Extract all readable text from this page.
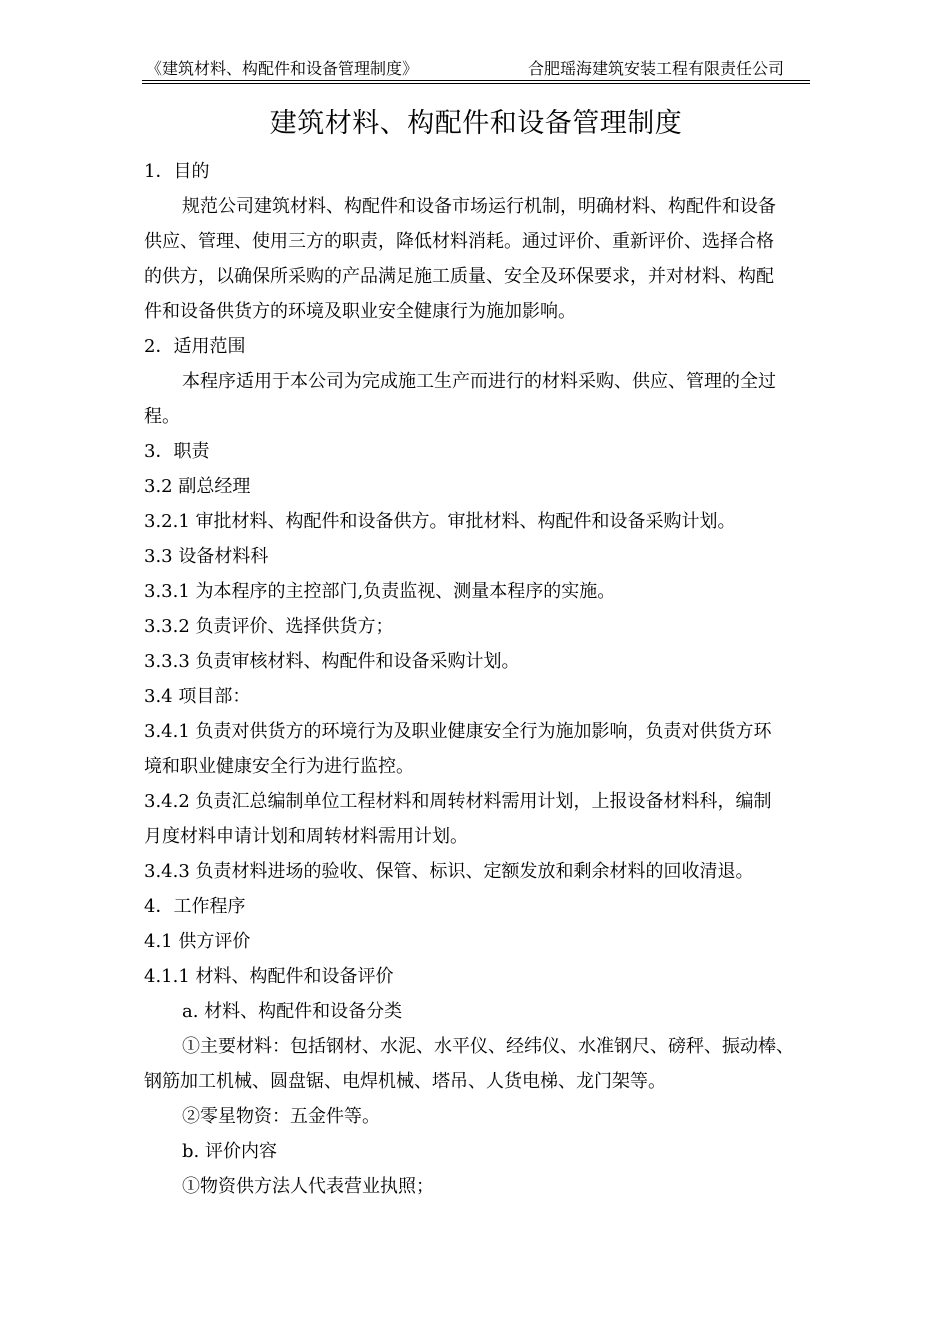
《建筑材料、构配件和设备管理制度》	合肥瑶海建筑安装工程有限责任公司
建筑材料、构配件和设备管理制度

1．目的

规范公司建筑材料、构配件和设备市场运行机制，明确材料、构配件和设备

供应、管理、使用三方的职责，降低材料消耗。通过评价、重新评价、选择合格

的供方，以确保所采购的产品满足施工质量、安全及环保要求，并对材料、构配

件和设备供货方的环境及职业安全健康行为施加影响。

2．适用范围

本程序适用于本公司为完成施工生产而进行的材料采购、供应、管理的全过

程。

3．职责

3.2 副总经理

3.2.1 审批材料、构配件和设备供方。审批材料、构配件和设备采购计划。

3.3 设备材料科

3.3.1 为本程序的主控部门,负责监视、测量本程序的实施。

3.3.2 负责评价、选择供货方；

3.3.3 负责审核材料、构配件和设备采购计划。

3.4 项目部：

3.4.1 负责对供货方的环境行为及职业健康安全行为施加影响，负责对供货方环

境和职业健康安全行为进行监控。

3.4.2 负责汇总编制单位工程材料和周转材料需用计划，上报设备材料科，编制

月度材料申请计划和周转材料需用计划。

3.4.3 负责材料进场的验收、保管、标识、定额发放和剩余材料的回收清退。

4．工作程序

4.1 供方评价

4.1.1 材料、构配件和设备评价

a. 材料、构配件和设备分类

①主要材料：包括钢材、水泥、水平仪、经纬仪、水准钢尺、磅秤、振动棒、

钢筋加工机械、圆盘锯、电焊机械、塔吊、人货电梯、龙门架等。

②零星物资：五金件等。

b. 评价内容

①物资供方法人代表营业执照；
